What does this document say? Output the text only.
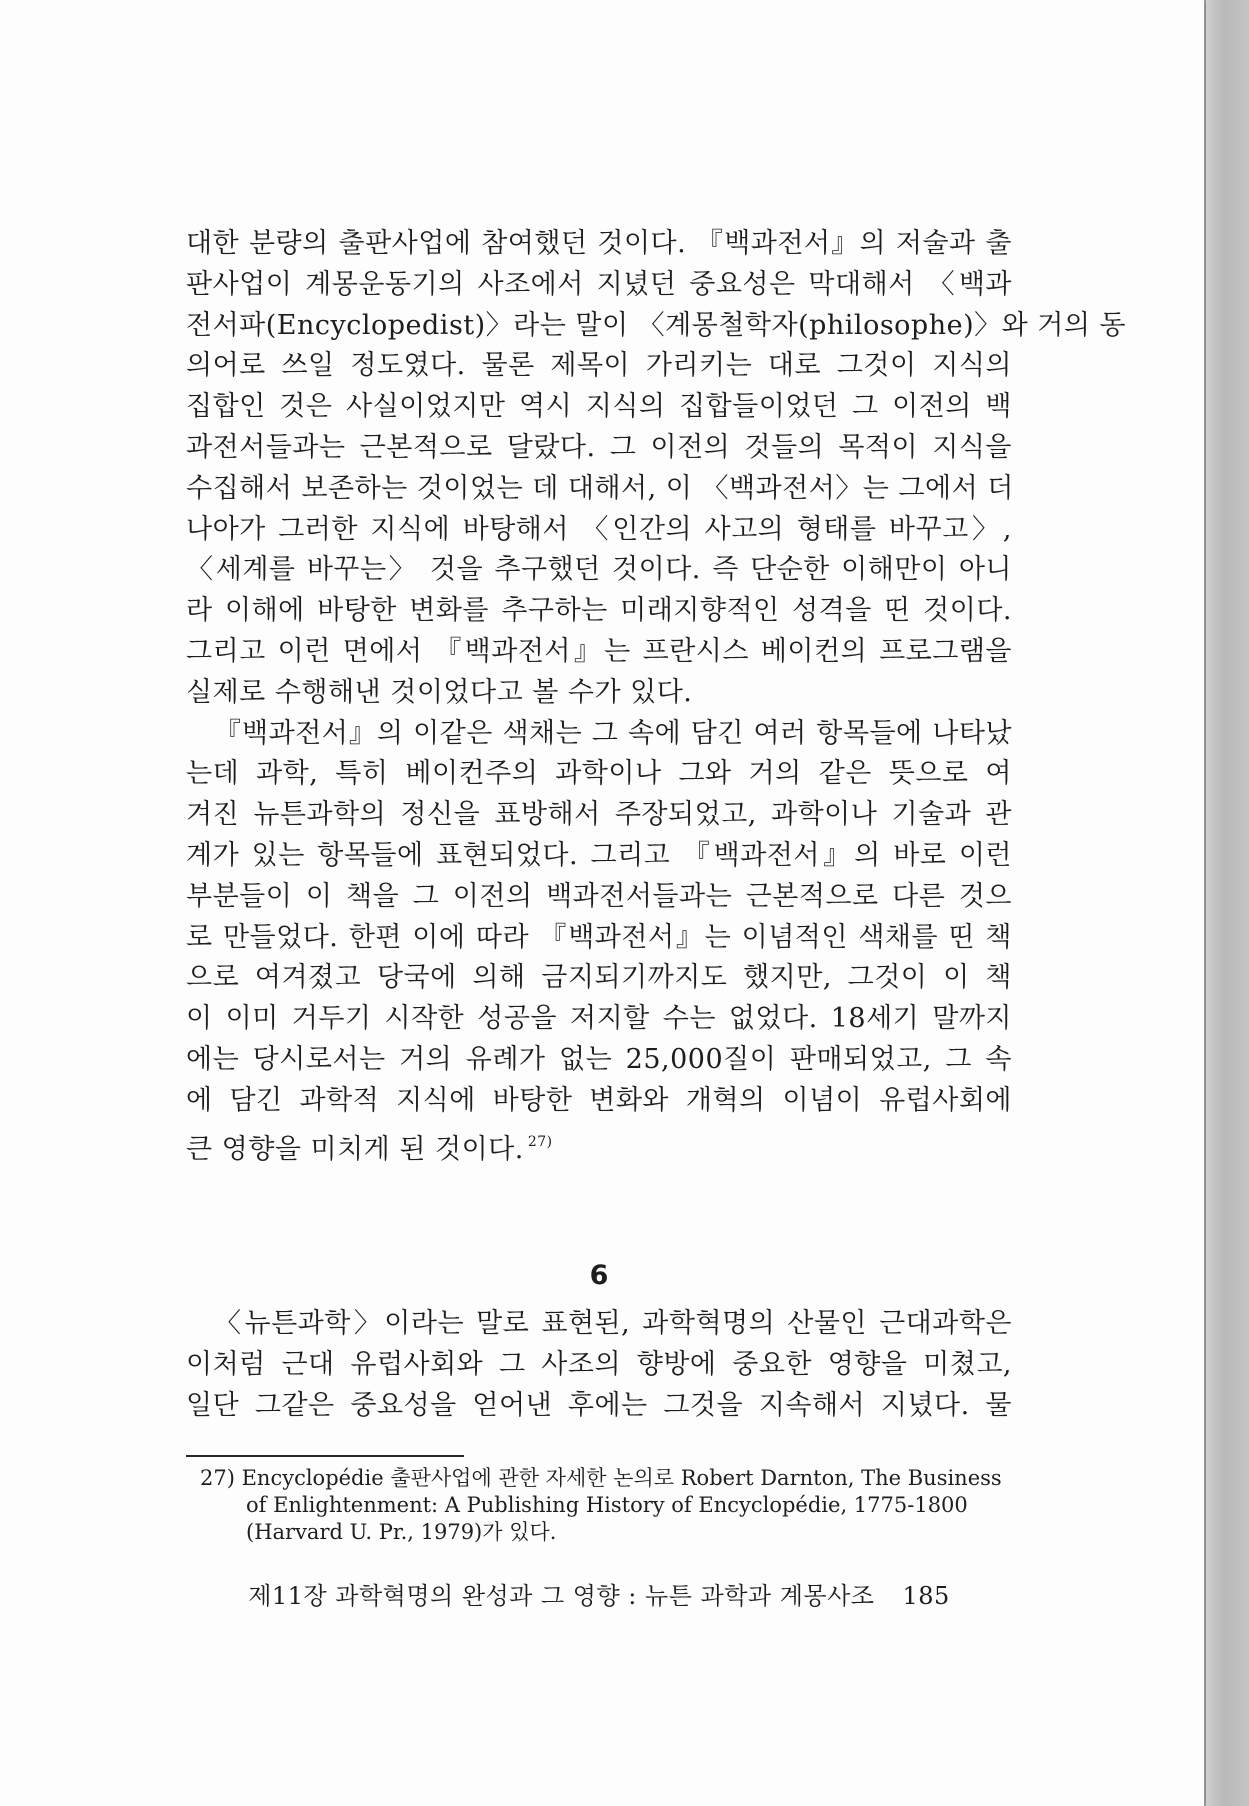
대한 분량의 출판사업에 참여했던 것이다. 『백과전서』의 저술과 출
판사업이 계몽운동기의 사조에서 지녔던 중요성은 막대해서 〈백과
전서파(Encyclopedist)〉라는 말이 〈계몽철학자(philosophe)〉와 거의 동
의어로 쓰일 정도였다. 물론 제목이 가리키는 대로 그것이 지식의
집합인 것은 사실이었지만 역시 지식의 집합들이었던 그 이전의 백
과전서들과는 근본적으로 달랐다. 그 이전의 것들의 목적이 지식을
수집해서 보존하는 것이었는 데 대해서, 이 〈백과전서〉는 그에서 더
나아가 그러한 지식에 바탕해서 〈인간의 사고의 형태를 바꾸고〉,
〈세계를 바꾸는〉 것을 추구했던 것이다. 즉 단순한 이해만이 아니
라 이해에 바탕한 변화를 추구하는 미래지향적인 성격을 띤 것이다.
그리고 이런 면에서 『백과전서』는 프란시스 베이컨의 프로그램을
실제로 수행해낸 것이었다고 볼 수가 있다.
『백과전서』의 이같은 색채는 그 속에 담긴 여러 항목들에 나타났
는데 과학, 특히 베이컨주의 과학이나 그와 거의 같은 뜻으로 여
겨진 뉴튼과학의 정신을 표방해서 주장되었고, 과학이나 기술과 관
계가 있는 항목들에 표현되었다. 그리고 『백과전서』의 바로 이런
부분들이 이 책을 그 이전의 백과전서들과는 근본적으로 다른 것으
로 만들었다. 한편 이에 따라 『백과전서』는 이념적인 색채를 띤 책
으로 여겨졌고 당국에 의해 금지되기까지도 했지만, 그것이 이 책
이 이미 거두기 시작한 성공을 저지할 수는 없었다. 18세기 말까지
에는 당시로서는 거의 유례가 없는 25,000질이 판매되었고, 그 속
에 담긴 과학적 지식에 바탕한 변화와 개혁의 이념이 유럽사회에
큰 영향을 미치게 된 것이다. $^{27)}$
6
〈뉴튼과학〉이라는 말로 표현된, 과학혁명의 산물인 근대과학은
이처럼 근대 유럽사회와 그 사조의 향방에 중요한 영향을 미쳤고,
일단 그같은 중요성을 얻어낸 후에는 그것을 지속해서 지녔다. 물
27) Encyclopédie 출판사업에 관한 자세한 논의로 Robert Darnton, The Business
of Enlightenment: A Publishing History of Encyclopédie, 1775-1800
(Harvard U. Pr., 1979)가 있다.
제11장 과학혁명의 완성과 그 영향 : 뉴튼 과학과 계몽사조 185
